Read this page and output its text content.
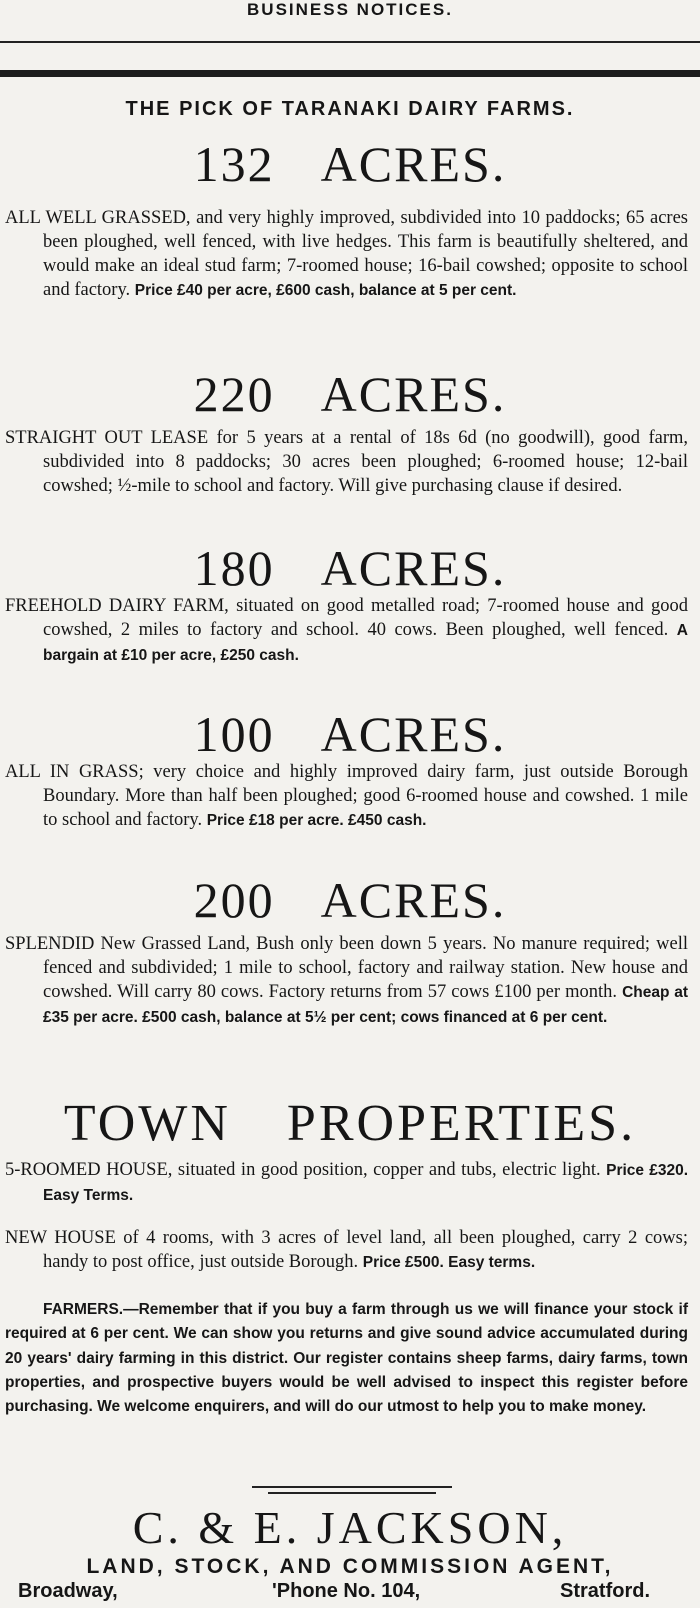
BUSINESS NOTICES.
THE PICK OF TARANAKI DAIRY FARMS.
132 ACRES.
ALL WELL GRASSED, and very highly improved, subdivided into 10 paddocks; 65 acres been ploughed, well fenced, with live hedges. This farm is beautifully sheltered, and would make an ideal stud farm; 7-roomed house; 16-bail cowshed; opposite to school and factory. Price £40 per acre, £600 cash, balance at 5 per cent.
220 ACRES.
STRAIGHT OUT LEASE for 5 years at a rental of 18s 6d (no goodwill), good farm, subdivided into 8 paddocks; 30 acres been ploughed; 6-roomed house; 12-bail cowshed; ½-mile to school and factory. Will give purchasing clause if desired.
180 ACRES.
FREEHOLD DAIRY FARM, situated on good metalled road; 7-roomed house and good cowshed, 2 miles to factory and school. 40 cows. Been ploughed, well fenced. A bargain at £10 per acre, £250 cash.
100 ACRES.
ALL IN GRASS; very choice and highly improved dairy farm, just outside Borough Boundary. More than half been ploughed; good 6-roomed house and cowshed. 1 mile to school and factory. Price £18 per acre. £450 cash.
200 ACRES.
SPLENDID New Grassed Land, Bush only been down 5 years. No manure required; well fenced and subdivided; 1 mile to school, factory and railway station. New house and cowshed. Will carry 80 cows. Factory returns from 57 cows £100 per month. Cheap at £35 per acre. £500 cash, balance at 5½ per cent; cows financed at 6 per cent.
TOWN PROPERTIES.
5-ROOMED HOUSE, situated in good position, copper and tubs, electric light. Price £320. Easy Terms.
NEW HOUSE of 4 rooms, with 3 acres of level land, all been ploughed, carry 2 cows; handy to post office, just outside Borough. Price £500. Easy terms.
FARMERS.—Remember that if you buy a farm through us we will finance your stock if required at 6 per cent. We can show you returns and give sound advice accumulated during 20 years' dairy farming in this district. Our register contains sheep farms, dairy farms, town properties, and prospective buyers would be well advised to inspect this register before purchasing. We welcome enquirers, and will do our utmost to help you to make money.
C. & E. JACKSON,
LAND, STOCK, AND COMMISSION AGENT,
Broadway,	'Phone No. 104,	Stratford.
